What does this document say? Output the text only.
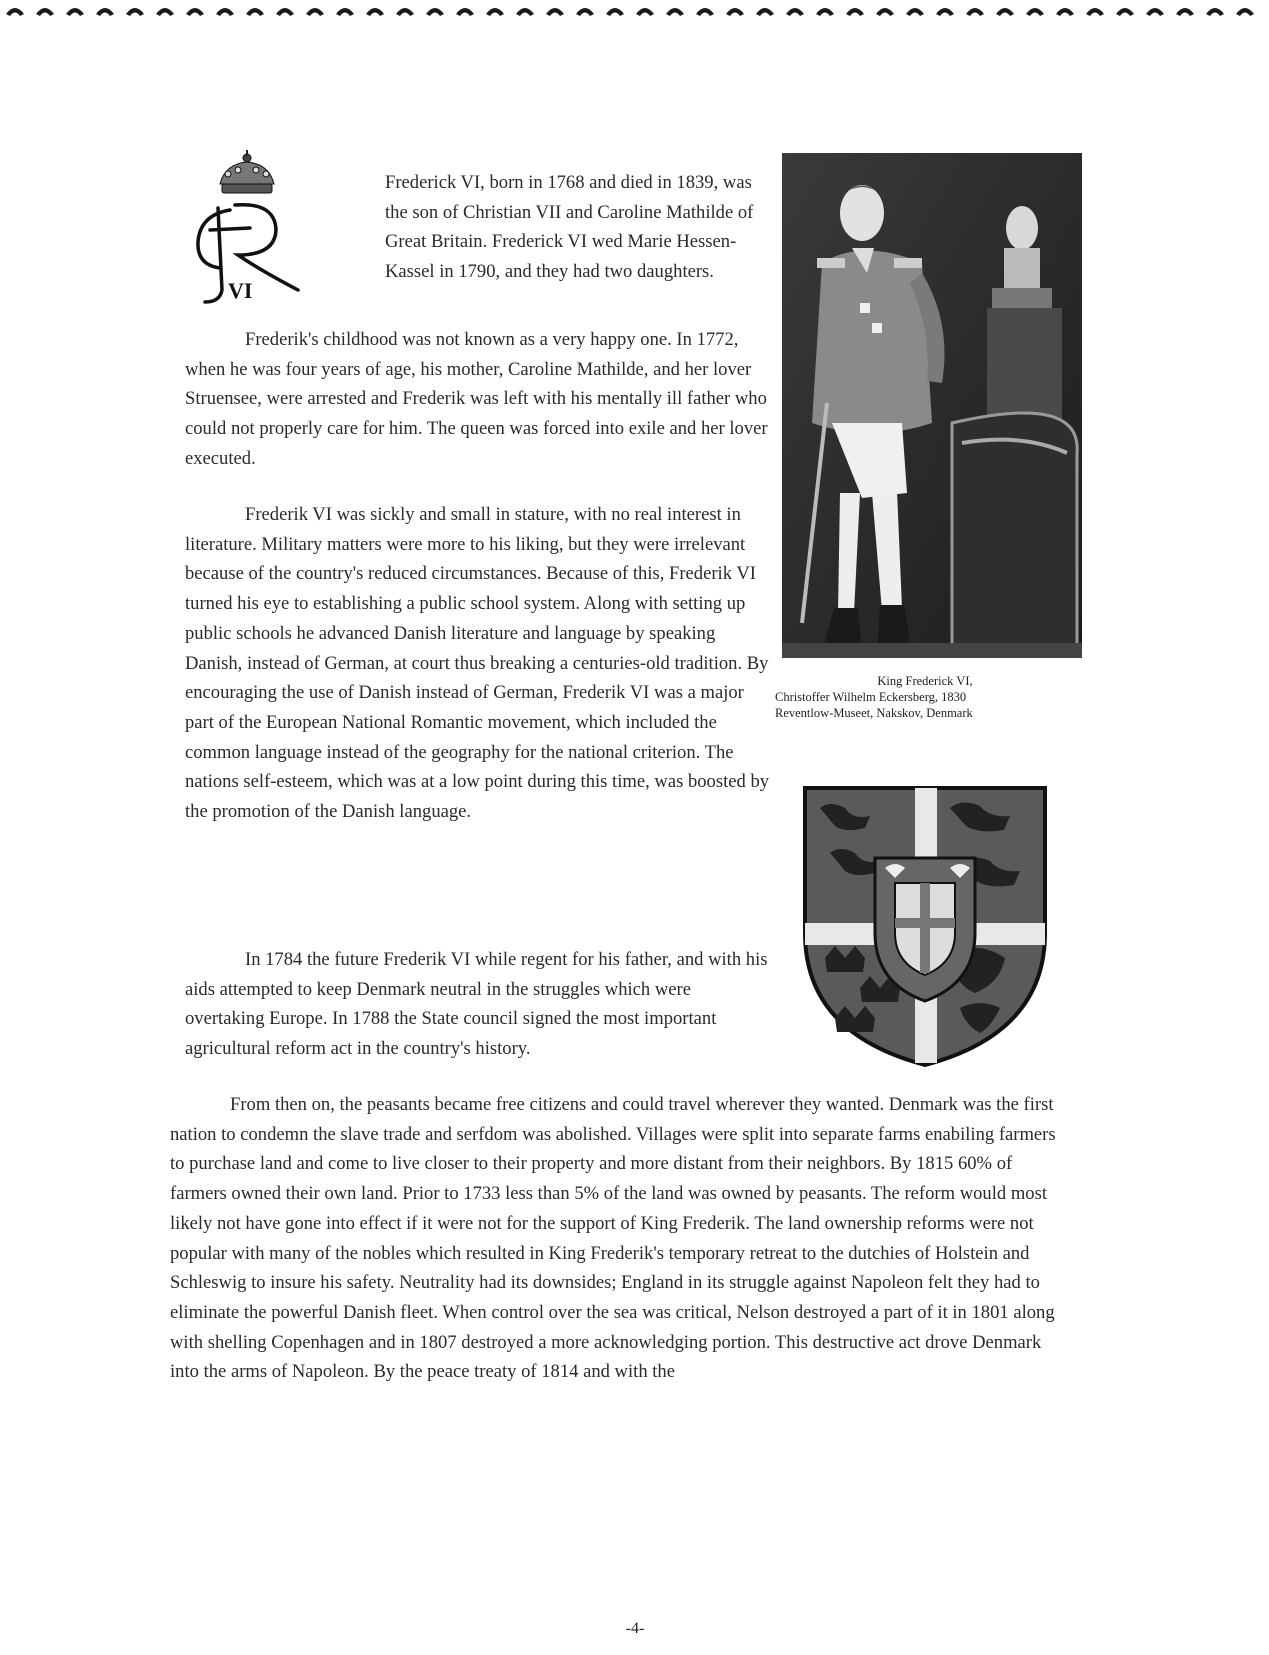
VI

Frederick VI, born in 1768 and died in 1839, was the son of Christian VII and Caroline Mathilde of Great Britain. Frederick VI wed Marie Hessen-Kassel in 1790, and they had two daughters.

Frederik's childhood was not known as a very happy one. In 1772, when he was four years of age, his mother, Caroline Mathilde, and her lover Struensee, were arrested and Frederik was left with his mentally ill father who could not properly care for him. The queen was forced into exile and her lover executed.

Frederik VI was sickly and small in stature, with no real interest in literature. Military matters were more to his liking, but they were irrelevant because of the country's reduced circumstances. Because of this, Frederik VI turned his eye to establishing a public school system. Along with setting up public schools he advanced Danish literature and language by speaking Danish, instead of German, at court thus breaking a centuries-old tradition. By encouraging the use of Danish instead of German, Frederik VI was a major part of the European National Romantic movement, which included the common language instead of the geography for the national criterion. The nations self-esteem, which was at a low point during this time, was boosted by the promotion of the Danish language.

In 1784 the future Frederik VI while regent for his father, and with his aids attempted to keep Denmark neutral in the struggles which were overtaking Europe. In 1788 the State council signed the most important agricultural reform act in the country's history.

From then on, the peasants became free citizens and could travel wherever they wanted. Denmark was the first nation to condemn the slave trade and serfdom was abolished. Villages were split into separate farms enabiling farmers to purchase land and come to live closer to their property and more distant from their neighbors. By 1815 60% of farmers owned their own land. Prior to 1733 less than 5% of the land was owned by peasants. The reform would most likely not have gone into effect if it were not for the support of King Frederik. The land ownership reforms were not popular with many of the nobles which resulted in King Frederik's temporary retreat to the dutchies of Holstein and Schleswig to insure his safety. Neutrality had its downsides; England in its struggle against Napoleon felt they had to eliminate the powerful Danish fleet. When control over the sea was critical, Nelson destroyed a part of it in 1801 along with shelling Copenhagen and in 1807 destroyed a more acknowledging portion. This destructive act drove Denmark into the arms of Napoleon. By the peace treaty of 1814 and with the

King Frederick VI,
Christoffer Wilhelm Eckersberg, 1830
Reventlow-Museet, Nakskov, Denmark
-4-
